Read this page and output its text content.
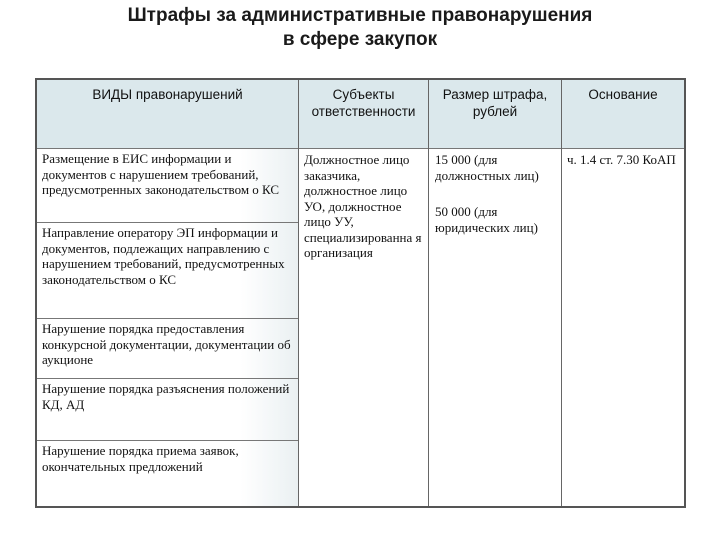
Штрафы за административные правонарушения
в сфере закупок
ВИДЫ правонарушений	Субъекты ответственности
Размер штрафа, рублей
Основание
Размещение в ЕИС информации и документов с нарушением требований, предусмотренных законодательством о КС
Направление оператору ЭП информации и документов, подлежащих направлению с нарушением требований, предусмотренных законодательством о КС
Нарушение порядка предоставления конкурсной документации, документации об аукционе
Нарушение порядка разъяснения положений КД, АД
Нарушение порядка приема заявок, окончательных предложений
Должностное лицо заказчика, должностное лицо УО, должностное лицо УУ, специализированна я организация
15 000 (для должностных лиц)
50 000 (для юридических лиц)
ч. 1.4 ст. 7.30 КоАП
